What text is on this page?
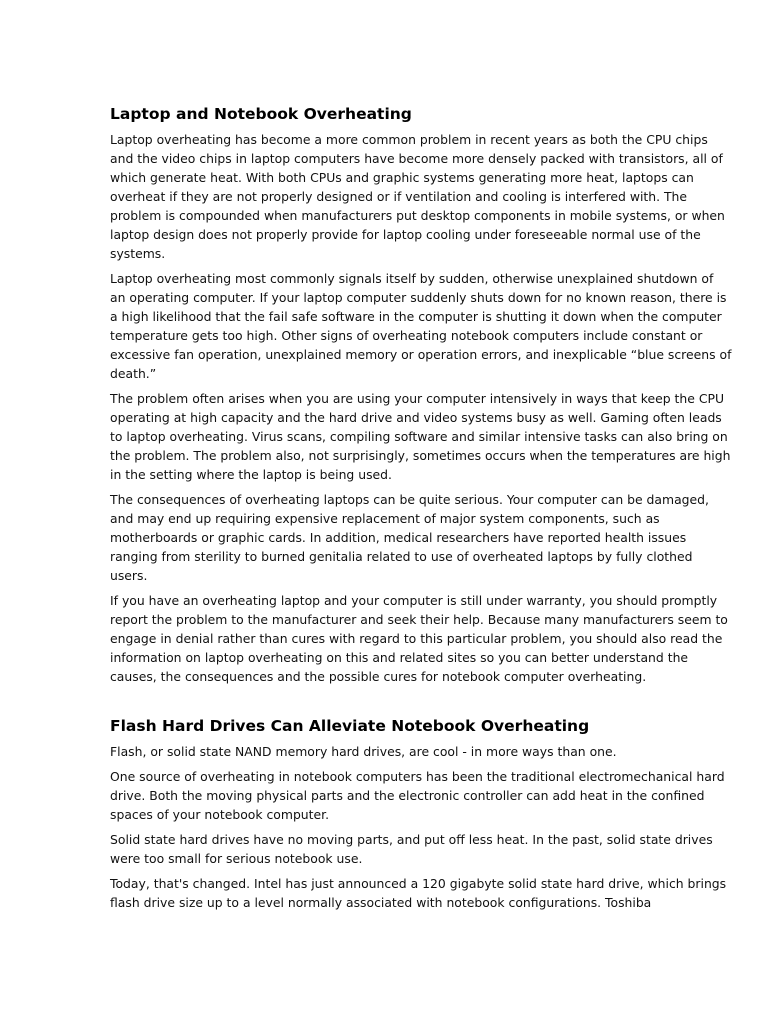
Laptop and Notebook Overheating

Laptop overheating has become a more common problem in recent years as both the CPU chips and the video chips in laptop computers have become more densely packed with transistors, all of which generate heat. With both CPUs and graphic systems generating more heat, laptops can overheat if they are not properly designed or if ventilation and cooling is interfered with. The problem is compounded when manufacturers put desktop components in mobile systems, or when laptop design does not properly provide for laptop cooling under foreseeable normal use of the systems.

Laptop overheating most commonly signals itself by sudden, otherwise unexplained shutdown of an operating computer. If your laptop computer suddenly shuts down for no known reason, there is a high likelihood that the fail safe software in the computer is shutting it down when the computer temperature gets too high. Other signs of overheating notebook computers include constant or excessive fan operation, unexplained memory or operation errors, and inexplicable “blue screens of death.”

The problem often arises when you are using your computer intensively in ways that keep the CPU operating at high capacity and the hard drive and video systems busy as well. Gaming often leads to laptop overheating. Virus scans, compiling software and similar intensive tasks can also bring on the problem. The problem also, not surprisingly, sometimes occurs when the temperatures are high in the setting where the laptop is being used.

The consequences of overheating laptops can be quite serious. Your computer can be damaged, and may end up requiring expensive replacement of major system components, such as motherboards or graphic cards. In addition, medical researchers have reported health issues ranging from sterility to burned genitalia related to use of overheated laptops by fully clothed users.

If you have an overheating laptop and your computer is still under warranty, you should promptly report the problem to the manufacturer and seek their help. Because many manufacturers seem to engage in denial rather than cures with regard to this particular problem, you should also read the information on laptop overheating on this and related sites so you can better understand the causes, the consequences and the possible cures for notebook computer overheating.

Flash Hard Drives Can Alleviate Notebook Overheating

Flash, or solid state NAND memory hard drives, are cool - in more ways than one.

One source of overheating in notebook computers has been the traditional electromechanical hard drive. Both the moving physical parts and the electronic controller can add heat in the confined spaces of your notebook computer.

Solid state hard drives have no moving parts, and put off less heat. In the past, solid state drives were too small for serious notebook use.

Today, that's changed. Intel has just announced a 120 gigabyte solid state hard drive, which brings flash drive size up to a level normally associated with notebook configurations. Toshiba
